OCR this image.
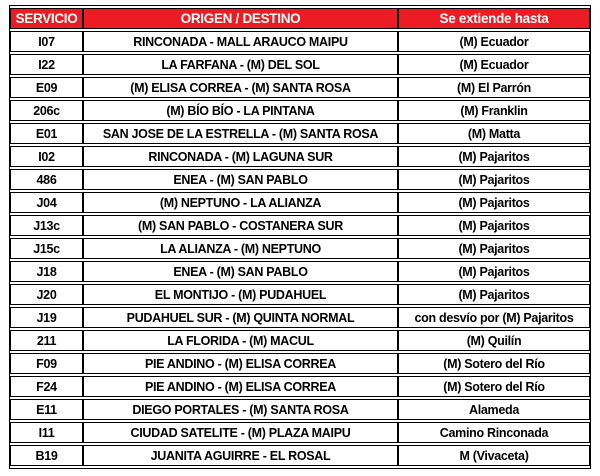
SERVICIO	ORIGEN / DESTINO	Se extiende hasta
I07	RINCONADA - MALL ARAUCO MAIPU	(M) Ecuador
I22	LA FARFANA - (M) DEL SOL	(M) Ecuador
E09	(M) ELISA CORREA - (M) SANTA ROSA	(M) El Parrón
206c	(M) BÍO BÍO - LA PINTANA	(M) Franklin
E01	SAN JOSE DE LA ESTRELLA - (M) SANTA ROSA	(M) Matta
I02	RINCONADA - (M) LAGUNA SUR	(M) Pajaritos
486	ENEA - (M) SAN PABLO	(M) Pajaritos
J04	(M) NEPTUNO - LA ALIANZA	(M) Pajaritos
J13c	(M) SAN PABLO - COSTANERA SUR	(M) Pajaritos
J15c	LA ALIANZA - (M) NEPTUNO	(M) Pajaritos
J18	ENEA - (M) SAN PABLO	(M) Pajaritos
J20	EL MONTIJO - (M) PUDAHUEL	(M) Pajaritos
J19	PUDAHUEL SUR - (M) QUINTA NORMAL	con desvío por (M) Pajaritos
211	LA FLORIDA - (M) MACUL	(M) Quilín
F09	PIE ANDINO - (M) ELISA CORREA	(M) Sotero del Río
F24	PIE ANDINO - (M) ELISA CORREA	(M) Sotero del Río
E11	DIEGO PORTALES - (M) SANTA ROSA	Alameda
I11	CIUDAD SATELITE - (M) PLAZA MAIPU	Camino Rinconada
B19	JUANITA AGUIRRE - EL ROSAL	M (Vivaceta)
